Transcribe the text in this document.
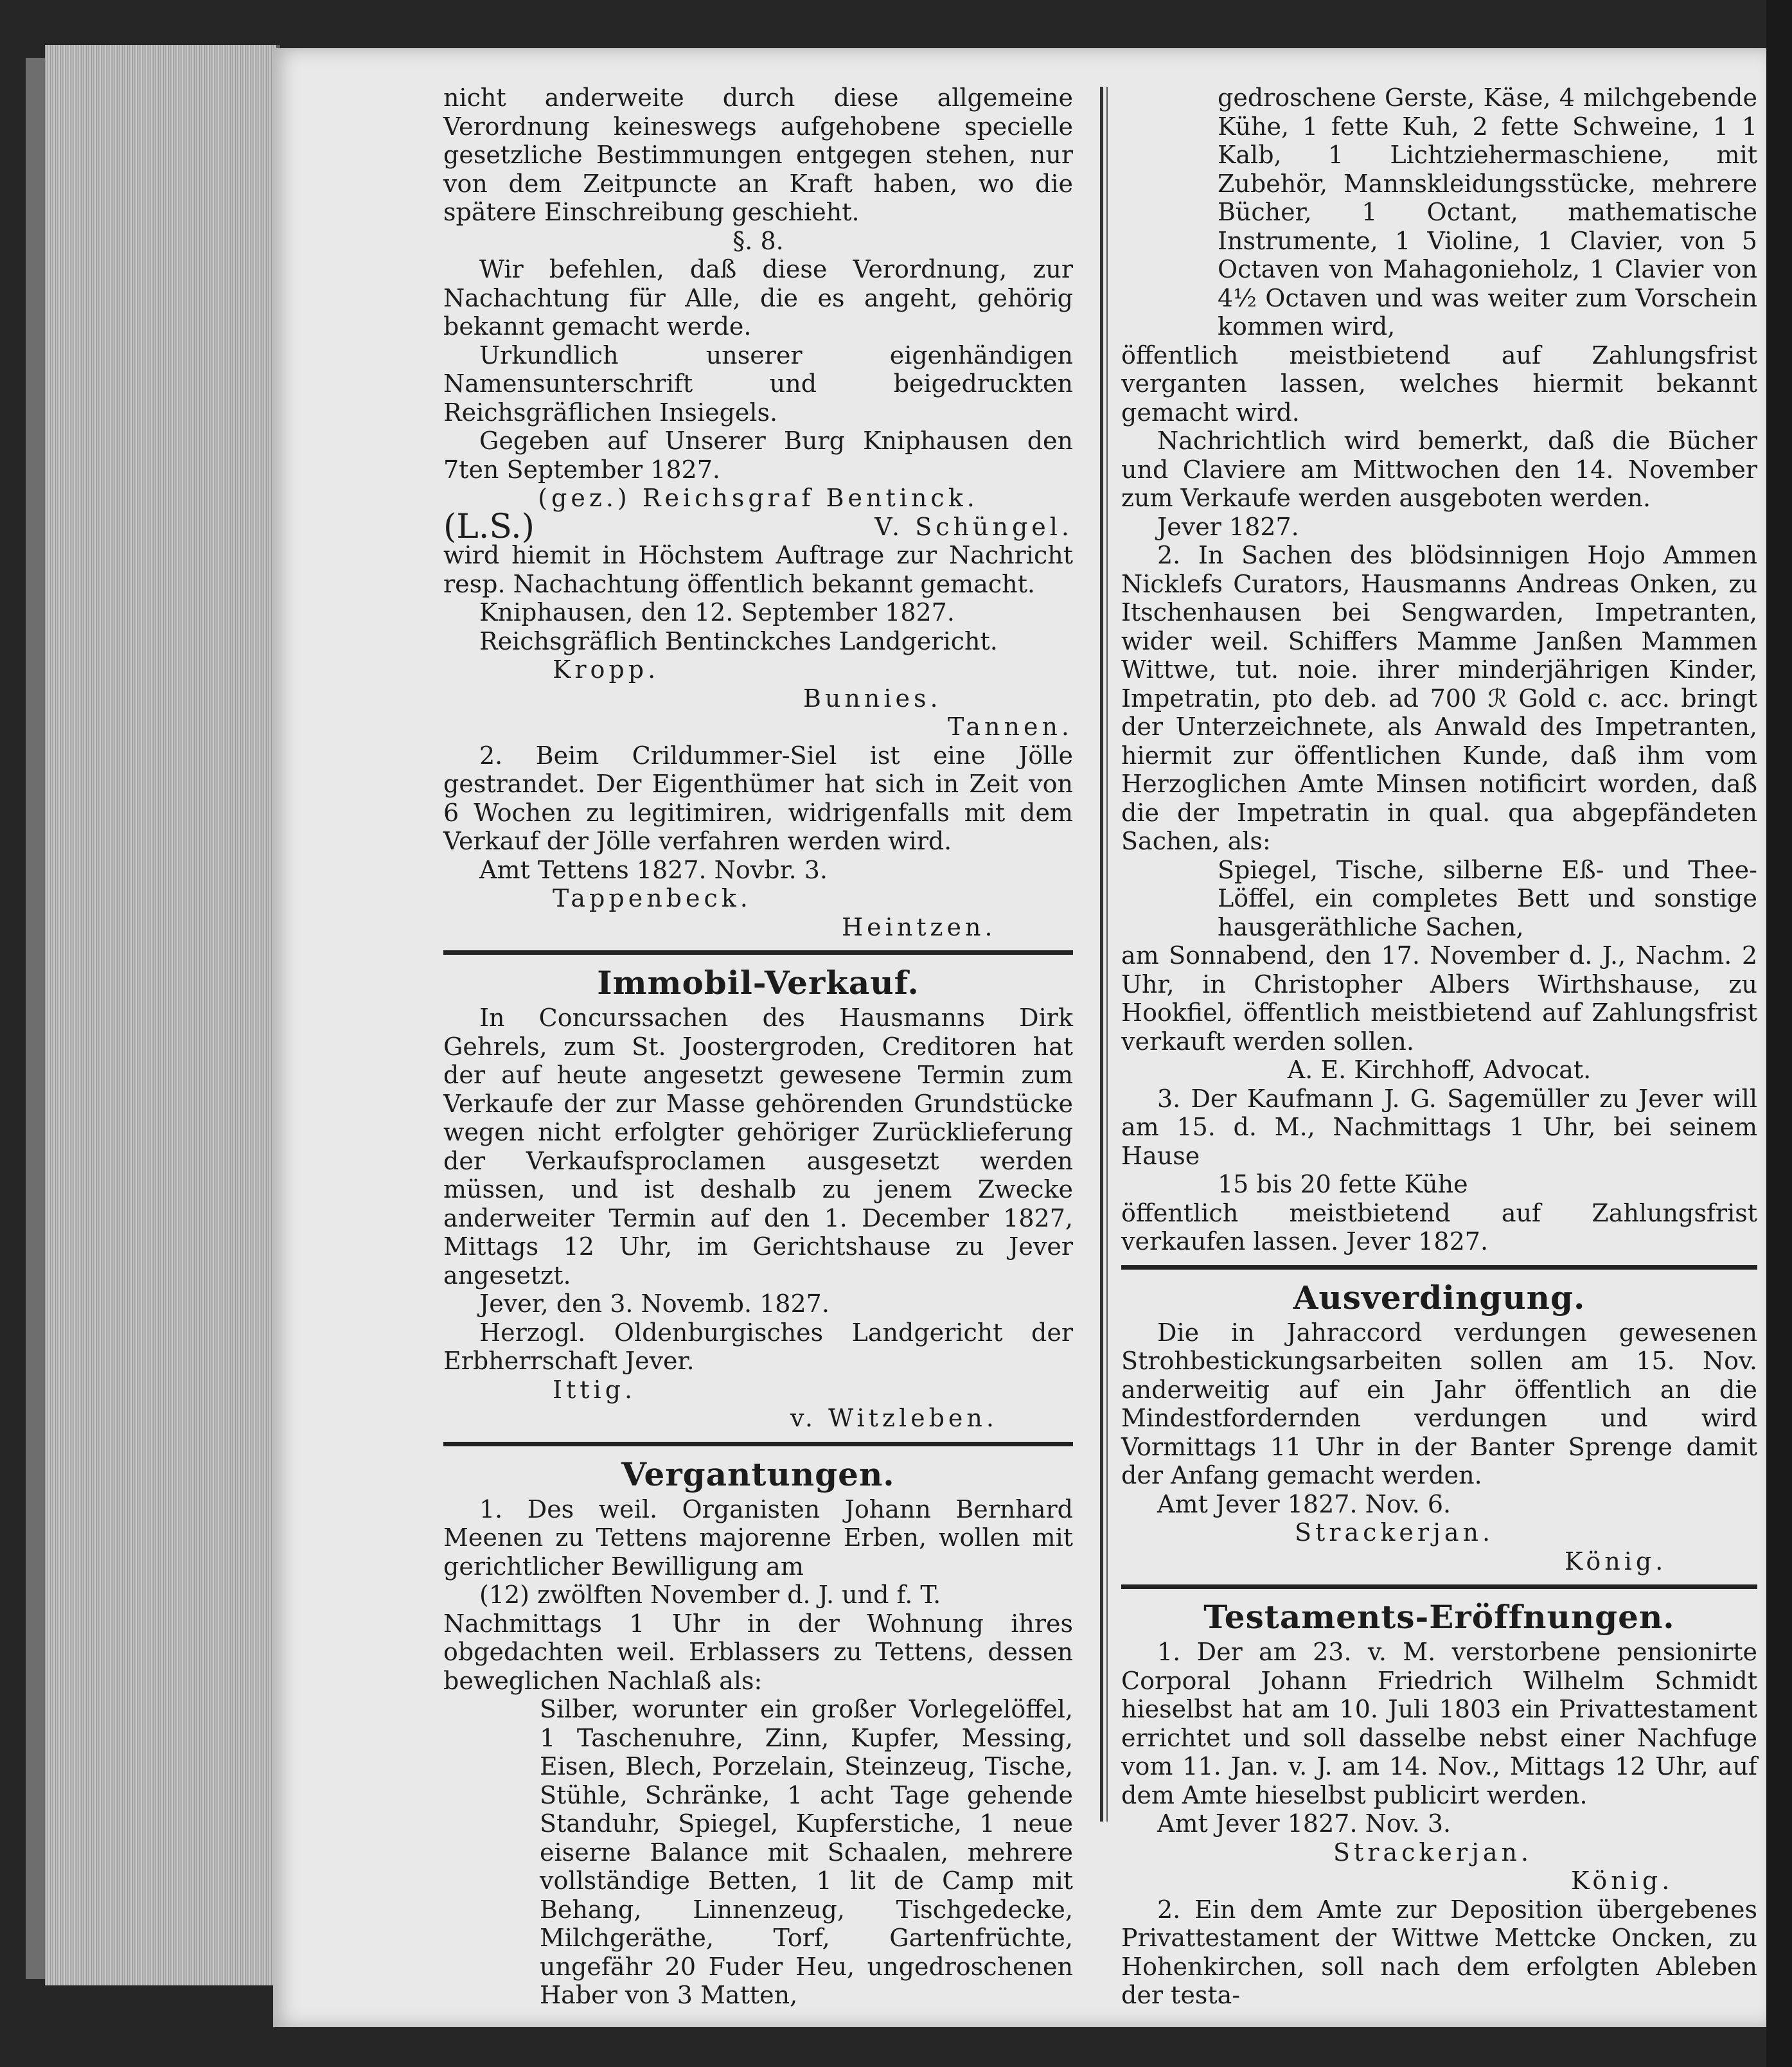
nicht anderweite durch diese allgemeine Verordnung keineswegs aufgehobene specielle gesetzliche Bestimmungen entgegen stehen, nur von dem Zeitpuncte an Kraft haben, wo die spätere Einschreibung geschieht.

§. 8.

Wir befehlen, daß diese Verordnung, zur Nachachtung für Alle, die es angeht, gehörig bekannt gemacht werde.

Urkundlich unserer eigenhändigen Namensunterschrift und beigedruckten Reichsgräflichen Insiegels.

Gegeben auf Unserer Burg Kniphausen den 7ten September 1827.

(gez.) Reichsgraf Bentinck.

(L.S.)	V. Schüngel.

wird hiemit in Höchstem Auftrage zur Nachricht resp. Nachachtung öffentlich bekannt gemacht.

Kniphausen, den 12. September 1827.

Reichsgräflich Bentinckches Landgericht.

Kropp.

Bunnies.

Tannen.

2. Beim Crildummer-Siel ist eine Jölle gestrandet. Der Eigenthümer hat sich in Zeit von 6 Wochen zu legitimiren, widrigenfalls mit dem Verkauf der Jölle verfahren werden wird.

Amt Tettens 1827. Novbr. 3.

Tappenbeck.

Heintzen.

Immobil-Verkauf.

In Concurssachen des Hausmanns Dirk Gehrels, zum St. Joostergroden, Creditoren hat der auf heute angesetzt gewesene Termin zum Verkaufe der zur Masse gehörenden Grundstücke wegen nicht erfolgter gehöriger Zurücklieferung der Verkaufsproclamen ausgesetzt werden müssen, und ist deshalb zu jenem Zwecke anderweiter Termin auf den 1. December 1827, Mittags 12 Uhr, im Gerichtshause zu Jever angesetzt.

Jever, den 3. Novemb. 1827.

Herzogl. Oldenburgisches Landgericht der Erbherrschaft Jever.

Ittig.

v. Witzleben.

Vergantungen.

1. Des weil. Organisten Johann Bernhard Meenen zu Tettens majorenne Erben, wollen mit gerichtlicher Bewilligung am

(12) zwölften November d. J. und f. T.

Nachmittags 1 Uhr in der Wohnung ihres obgedachten weil. Erblassers zu Tettens, dessen beweglichen Nachlaß als:

Silber, worunter ein großer Vorlegelöffel, 1 Taschenuhre, Zinn, Kupfer, Messing, Eisen, Blech, Porzelain, Steinzeug, Tische, Stühle, Schränke, 1 acht Tage gehende Standuhr, Spiegel, Kupferstiche, 1 neue eiserne Balance mit Schaalen, mehrere vollständige Betten, 1 lit de Camp mit Behang, Linnenzeug, Tischgedecke, Milchgeräthe, Torf, Gartenfrüchte, ungefähr 20 Fuder Heu, ungedroschenen Haber von 3 Matten,

gedroschene Gerste, Käse, 4 milchgebende Kühe, 1 fette Kuh, 2 fette Schweine, 1 1 Kalb, 1 Lichtziehermaschiene, mit Zubehör, Mannskleidungsstücke, mehrere Bücher, 1 Octant, mathematische Instrumente, 1 Violine, 1 Clavier, von 5 Octaven von Mahagonieholz, 1 Clavier von 4½ Octaven und was weiter zum Vorschein kommen wird,

öffentlich meistbietend auf Zahlungsfrist verganten lassen, welches hiermit bekannt gemacht wird.

Nachrichtlich wird bemerkt, daß die Bücher und Claviere am Mittwochen den 14. November zum Verkaufe werden ausgeboten werden.

Jever 1827.

2. In Sachen des blödsinnigen Hojo Ammen Nicklefs Curators, Hausmanns Andreas Onken, zu Itschenhausen bei Sengwarden, Impetranten, wider weil. Schiffers Mamme Janßen Mammen Wittwe, tut. noie. ihrer minderjährigen Kinder, Impetratin, pto deb. ad 700 ℛ Gold c. acc. bringt der Unterzeichnete, als Anwald des Impetranten, hiermit zur öffentlichen Kunde, daß ihm vom Herzoglichen Amte Minsen notificirt worden, daß die der Impetratin in qual. qua abgepfändeten Sachen, als:

Spiegel, Tische, silberne Eß- und Thee-Löffel, ein completes Bett und sonstige hausgeräthliche Sachen,

am Sonnabend, den 17. November d. J., Nachm. 2 Uhr, in Christopher Albers Wirthshause, zu Hookfiel, öffentlich meistbietend auf Zahlungsfrist verkauft werden sollen.

A. E. Kirchhoff, Advocat.

3. Der Kaufmann J. G. Sagemüller zu Jever will am 15. d. M., Nachmittags 1 Uhr, bei seinem Hause

15 bis 20 fette Kühe

öffentlich meistbietend auf Zahlungsfrist verkaufen lassen. Jever 1827.

Ausverdingung.

Die in Jahraccord verdungen gewesenen Strohbestickungsarbeiten sollen am 15. Nov. anderweitig auf ein Jahr öffentlich an die Mindestfordernden verdungen und wird Vormittags 11 Uhr in der Banter Sprenge damit der Anfang gemacht werden.

Amt Jever 1827. Nov. 6.

Strackerjan.

König.

Testaments-Eröffnungen.

1. Der am 23. v. M. verstorbene pensionirte Corporal Johann Friedrich Wilhelm Schmidt hieselbst hat am 10. Juli 1803 ein Privattestament errichtet und soll dasselbe nebst einer Nachfuge vom 11. Jan. v. J. am 14. Nov., Mittags 12 Uhr, auf dem Amte hieselbst publicirt werden.

Amt Jever 1827. Nov. 3.

Strackerjan.

König.

2. Ein dem Amte zur Deposition übergebenes Privattestament der Wittwe Mettcke Oncken, zu Hohenkirchen, soll nach dem erfolgten Ableben der testa-
